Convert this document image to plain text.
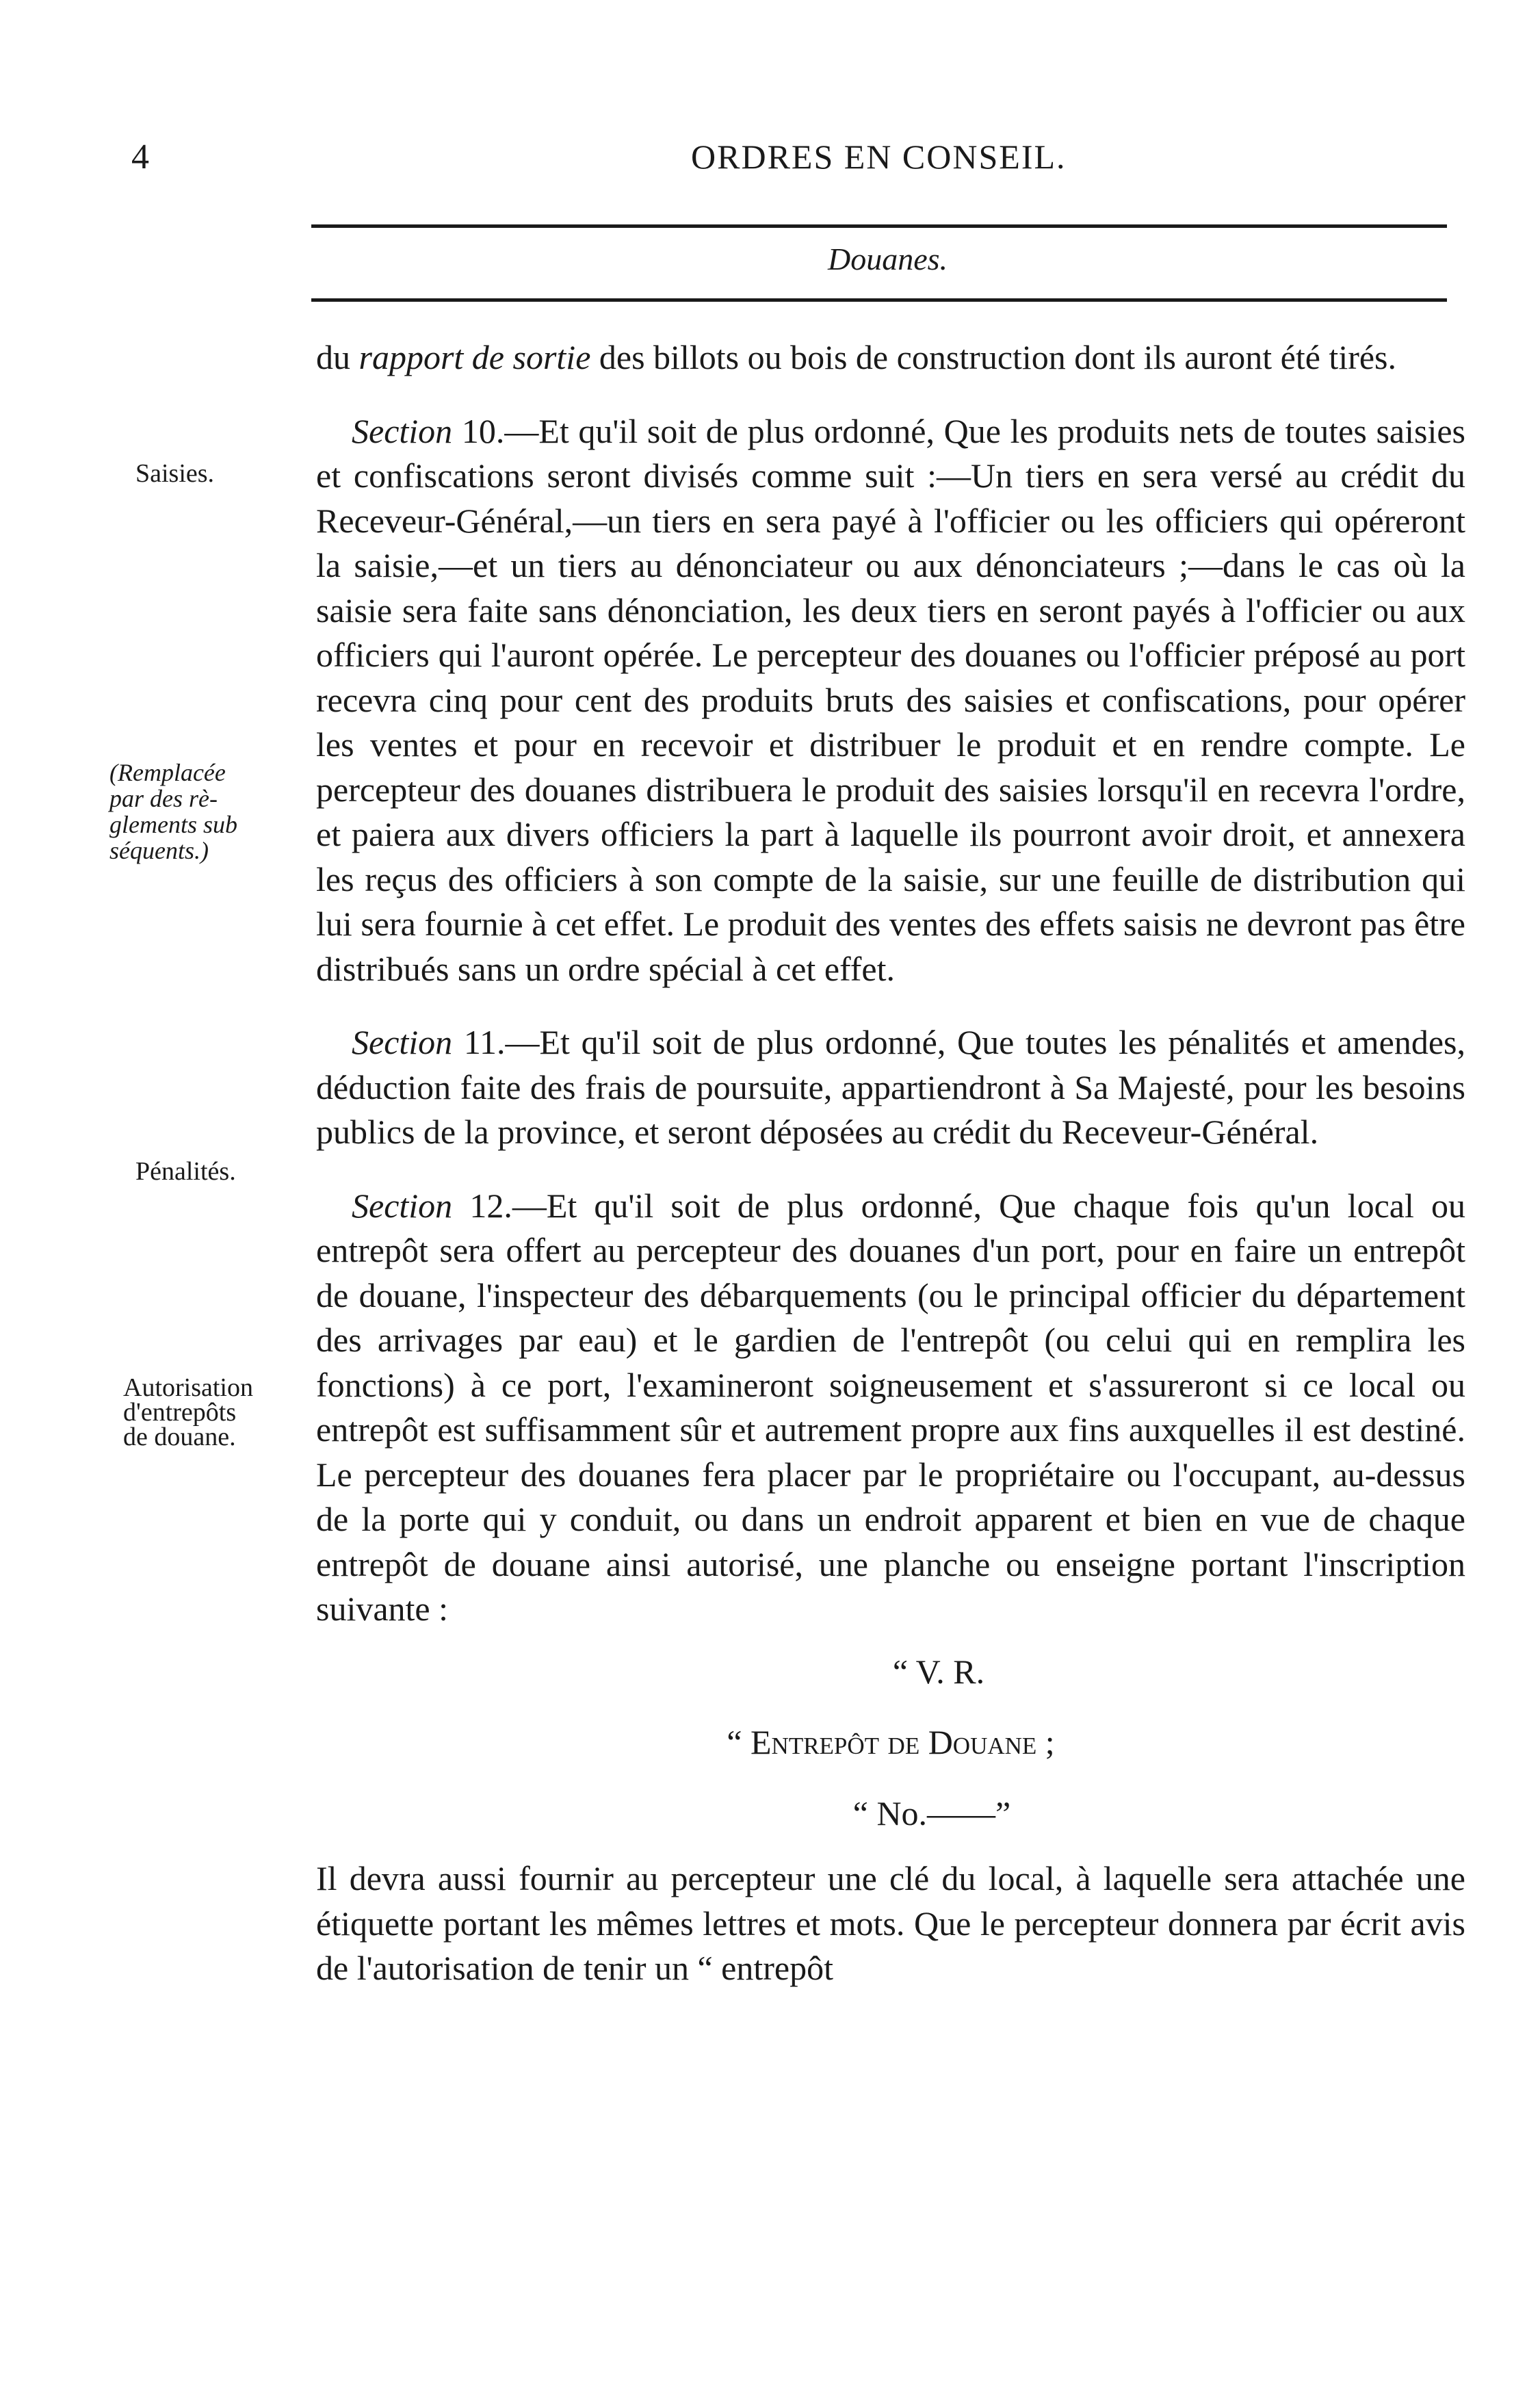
4	ORDRES EN CONSEIL.
Douanes.
Saisies.
(Remplacée
par des rè-
glements sub
séquents.)
Pénalités.
Autorisation
d'entrepôts
de douane.

du rapport de sortie des billots ou bois de construction dont ils auront été tirés.

Section 10.—Et qu'il soit de plus ordonné, Que les produits nets de toutes saisies et confiscations seront divisés comme suit :—Un tiers en sera versé au crédit du Receveur-Général,—un tiers en sera payé à l'officier ou les officiers qui opéreront la saisie,—et un tiers au dénonciateur ou aux dénonciateurs ;—dans le cas où la saisie sera faite sans dénonciation, les deux tiers en seront payés à l'officier ou aux officiers qui l'auront opérée. Le percepteur des douanes ou l'officier préposé au port recevra cinq pour cent des produits bruts des saisies et confiscations, pour opérer les ventes et pour en recevoir et distribuer le produit et en rendre compte. Le percepteur des douanes distribuera le produit des saisies lorsqu'il en recevra l'ordre, et paiera aux divers officiers la part à laquelle ils pourront avoir droit, et annexera les reçus des officiers à son compte de la saisie, sur une feuille de distribution qui lui sera fournie à cet effet. Le produit des ventes des effets saisis ne devront pas être distribués sans un ordre spécial à cet effet.

Section 11.—Et qu'il soit de plus ordonné, Que toutes les pénalités et amendes, déduction faite des frais de poursuite, appartiendront à Sa Majesté, pour les besoins publics de la province, et seront déposées au crédit du Receveur-Général.

Section 12.—Et qu'il soit de plus ordonné, Que chaque fois qu'un local ou entrepôt sera offert au percepteur des douanes d'un port, pour en faire un entrepôt de douane, l'inspecteur des débarquements (ou le principal officier du département des arrivages par eau) et le gardien de l'entrepôt (ou celui qui en remplira les fonctions) à ce port, l'examineront soigneusement et s'assureront si ce local ou entrepôt est suffisamment sûr et autrement propre aux fins auxquelles il est destiné. Le percepteur des douanes fera placer par le propriétaire ou l'occupant, au-dessus de la porte qui y conduit, ou dans un endroit apparent et bien en vue de chaque entrepôt de douane ainsi autorisé, une planche ou enseigne portant l'inscription suivante :

“ V. R.

“ Entrepôt de Douane ;

“ No.——”

Il devra aussi fournir au percepteur une clé du local, à laquelle sera attachée une étiquette portant les mêmes lettres et mots. Que le percepteur donnera par écrit avis de l'autorisation de tenir un “ entrepôt
